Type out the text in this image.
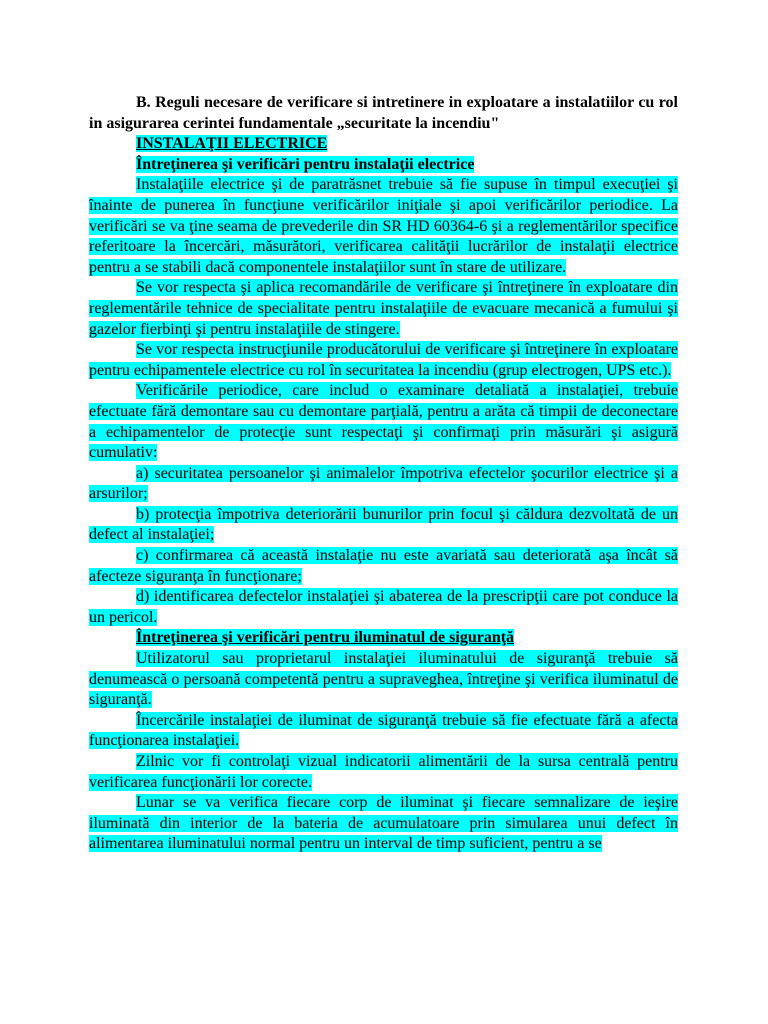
B. Reguli necesare de verificare si intretinere in exploatare a instalatiilor cu rol in asigurarea cerintei fundamentale „securitate la incendiu"

INSTALAŢII ELECTRICE

Întreţinerea şi verificări pentru instalaţii electrice

Instalaţiile electrice şi de paratrăsnet trebuie să fie supuse în timpul execuţiei şi înainte de punerea în funcţiune verificărilor iniţiale şi apoi verificărilor periodice. La verificări se va ţine seama de prevederile din SR HD 60364-6 şi a reglementărilor specifice referitoare la încercări, măsurători, verificarea calităţii lucrărilor de instalaţii electrice pentru a se stabili dacă componentele instalaţiilor sunt în stare de utilizare.

Se vor respecta şi aplica recomandările de verificare şi întreţinere în exploatare din reglementările tehnice de specialitate pentru instalaţiile de evacuare mecanică a fumului şi gazelor fierbinţi şi pentru instalaţiile de stingere.

Se vor respecta instrucţiunile producătorului de verificare şi întreţinere în exploatare pentru echipamentele electrice cu rol în securitatea la incendiu (grup electrogen, UPS etc.).

Verificările periodice, care includ o examinare detaliată a instalaţiei, trebuie efectuate fără demontare sau cu demontare parţială, pentru a arăta că timpii de deconectare a echipamentelor de protecţie sunt respectaţi şi confirmaţi prin măsurări şi asigură cumulativ:

a) securitatea persoanelor şi animalelor împotriva efectelor şocurilor electrice şi a arsurilor;

b) protecţia împotriva deteriorării bunurilor prin focul şi căldura dezvoltată de un defect al instalaţiei;

c) confirmarea că această instalaţie nu este avariată sau deteriorată aşa încât să afecteze siguranţa în funcţionare;

d) identificarea defectelor instalaţiei şi abaterea de la prescripţii care pot conduce la un pericol.

Întreţinerea şi verificări pentru iluminatul de siguranţă

Utilizatorul sau proprietarul instalaţiei iluminatului de siguranţă trebuie să denumească o persoană competentă pentru a supraveghea, întreţine şi verifica iluminatul de siguranţă.

Încercările instalaţiei de iluminat de siguranţă trebuie să fie efectuate fără a afecta funcţionarea instalaţiei.

Zilnic vor fi controlaţi vizual indicatorii alimentării de la sursa centrală pentru verificarea funcţionării lor corecte.

Lunar se va verifica fiecare corp de iluminat şi fiecare semnalizare de ieşire iluminată din interior de la bateria de acumulatoare prin simularea unui defect în alimentarea iluminatului normal pentru un interval de timp suficient, pentru a se
